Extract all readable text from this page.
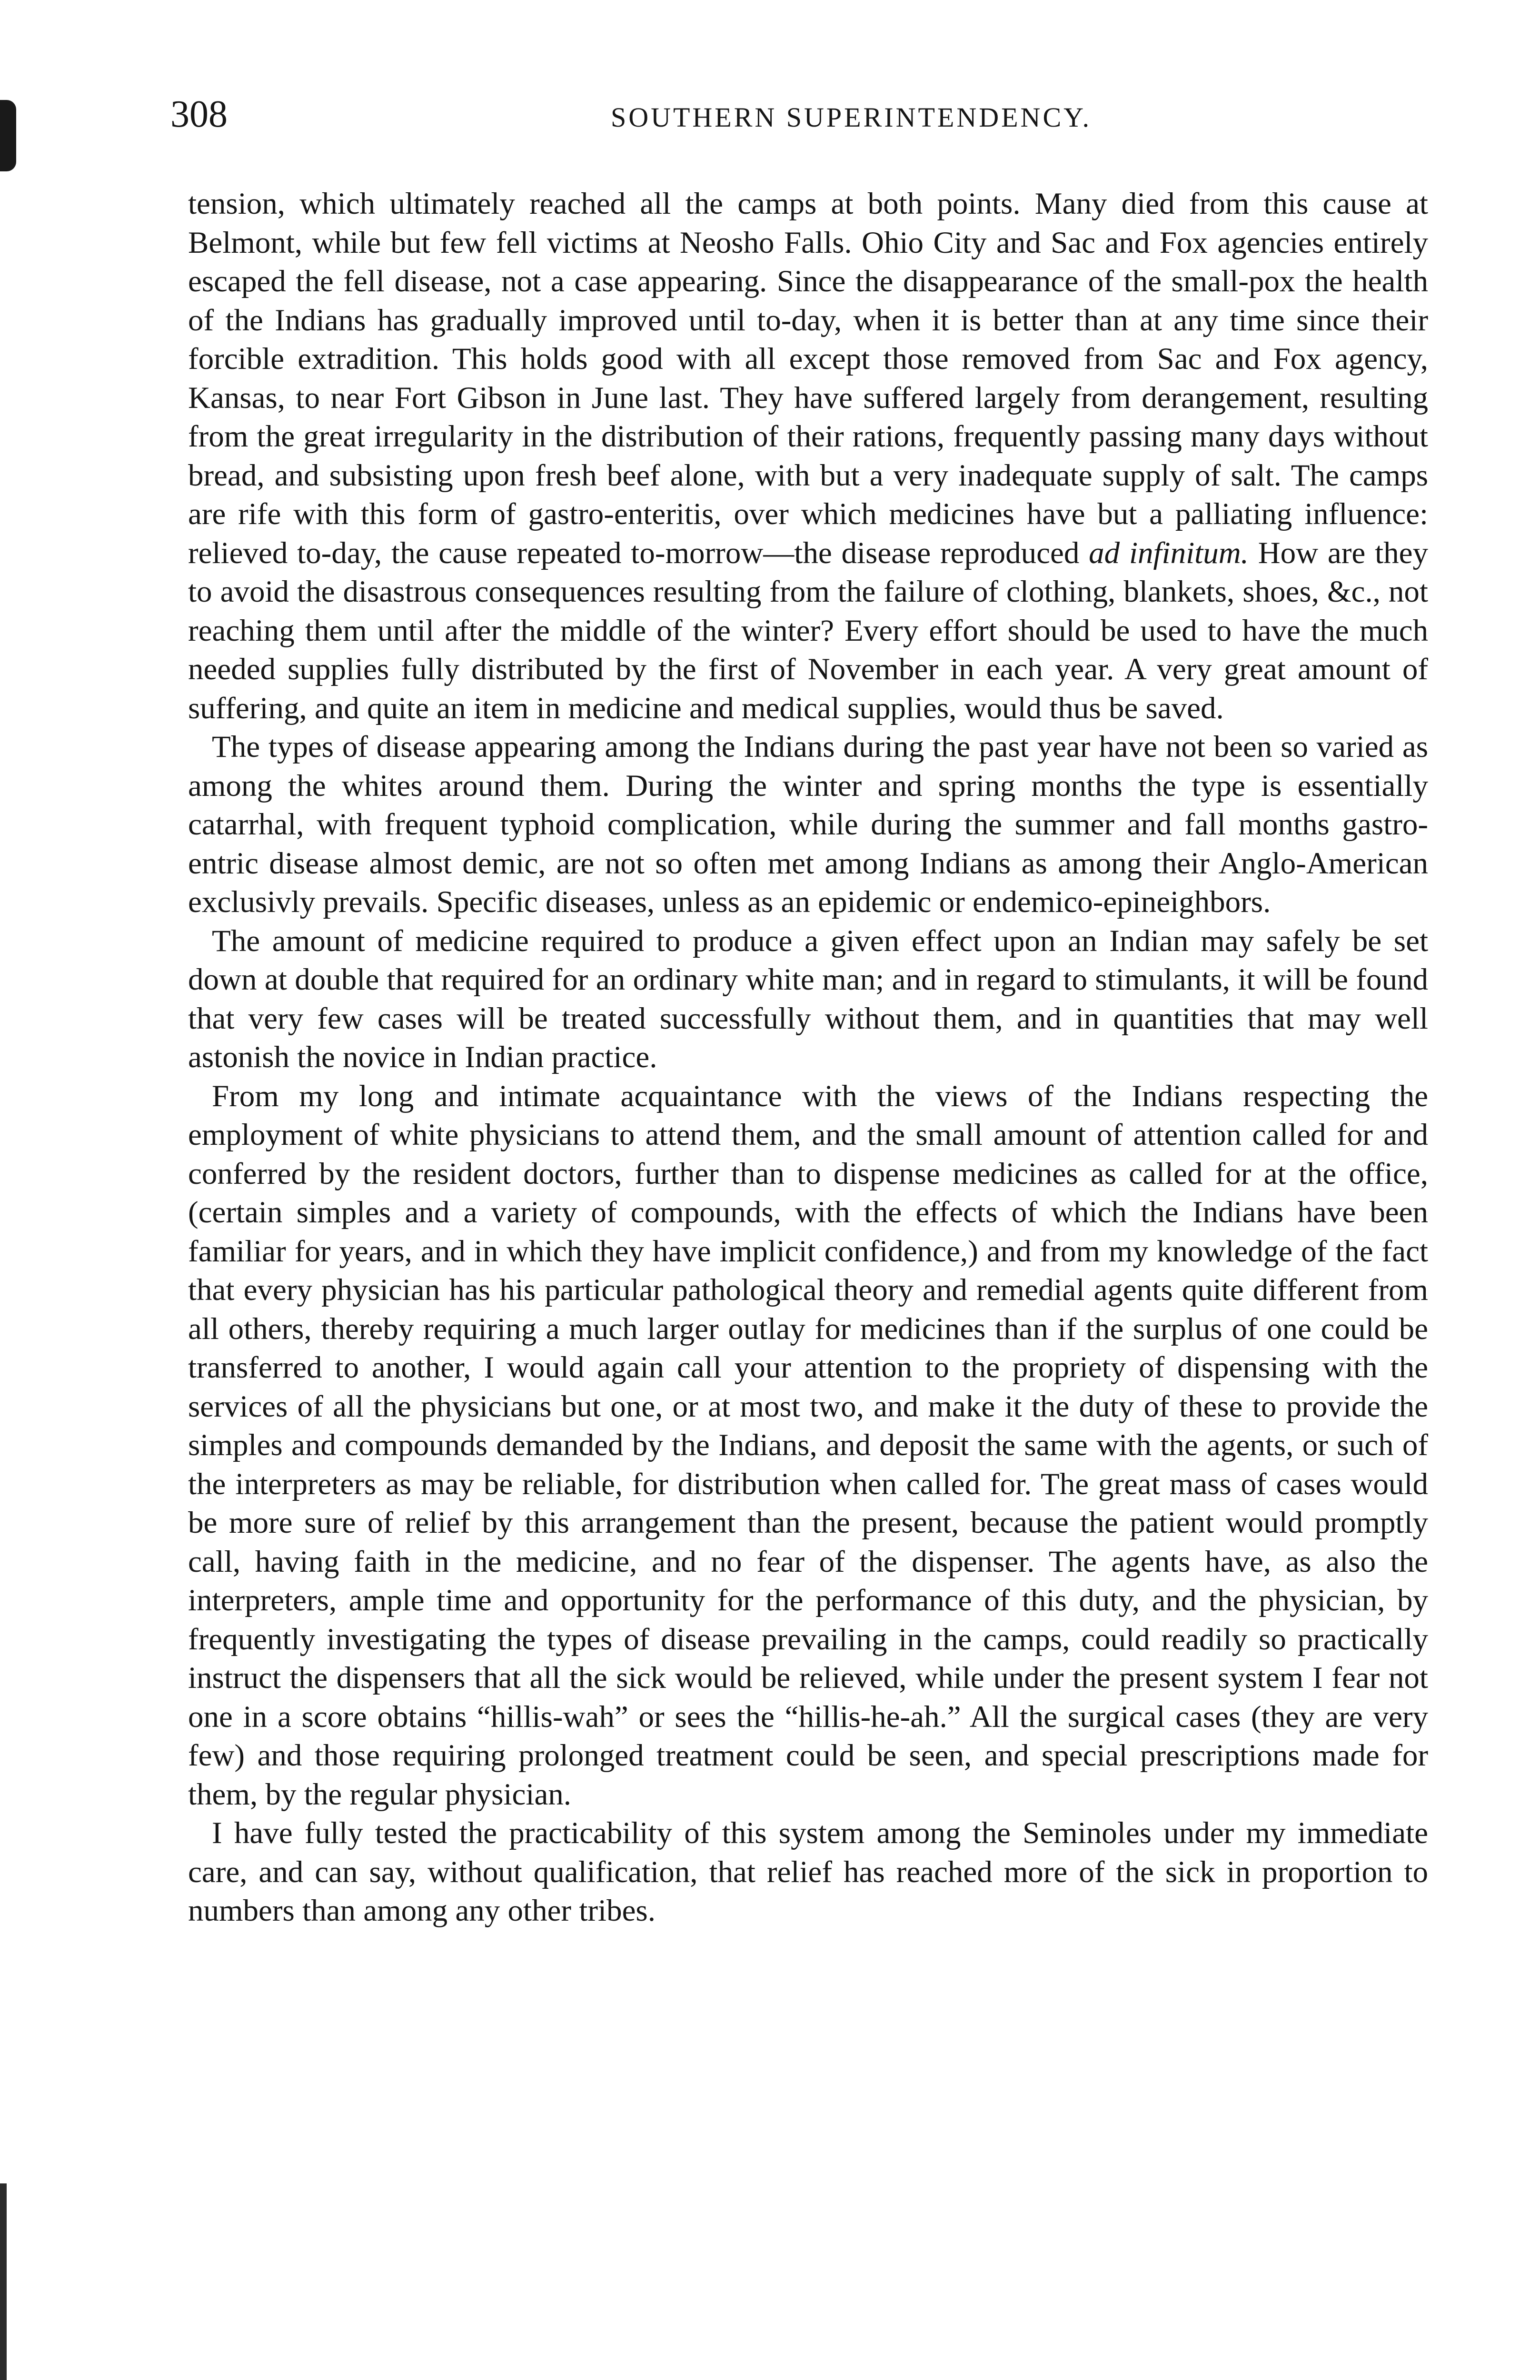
308	SOUTHERN SUPERINTENDENCY.

tension, which ultimately reached all the camps at both points. Many died from this cause at Belmont, while but few fell victims at Neosho Falls. Ohio City and Sac and Fox agencies entirely escaped the fell disease, not a case appearing. Since the disappearance of the small-pox the health of the Indians has gradually improved until to-day, when it is better than at any time since their forcible extradition. This holds good with all except those removed from Sac and Fox agency, Kansas, to near Fort Gibson in June last. They have suffered largely from derangement, resulting from the great irregularity in the distribution of their rations, frequently passing many days without bread, and subsisting upon fresh beef alone, with but a very inadequate supply of salt. The camps are rife with this form of gastro-enteritis, over which medicines have but a palliating influence: relieved to-day, the cause repeated to-morrow—the disease reproduced ad infinitum. How are they to avoid the disastrous consequences resulting from the failure of clothing, blankets, shoes, &c., not reaching them until after the middle of the winter? Every effort should be used to have the much needed supplies fully distributed by the first of November in each year. A very great amount of suffering, and quite an item in medicine and medical supplies, would thus be saved.

The types of disease appearing among the Indians during the past year have not been so varied as among the whites around them. During the winter and spring months the type is essentially catarrhal, with frequent typhoid complication, while during the summer and fall months gastro-entric disease almost demic, are not so often met among Indians as among their Anglo-American exclusivly prevails. Specific diseases, unless as an epidemic or endemico-epineighbors.

The amount of medicine required to produce a given effect upon an Indian may safely be set down at double that required for an ordinary white man; and in regard to stimulants, it will be found that very few cases will be treated successfully without them, and in quantities that may well astonish the novice in Indian practice.

From my long and intimate acquaintance with the views of the Indians respecting the employment of white physicians to attend them, and the small amount of attention called for and conferred by the resident doctors, further than to dispense medicines as called for at the office, (certain simples and a variety of compounds, with the effects of which the Indians have been familiar for years, and in which they have implicit confidence,) and from my knowledge of the fact that every physician has his particular pathological theory and remedial agents quite different from all others, thereby requiring a much larger outlay for medicines than if the surplus of one could be transferred to another, I would again call your attention to the propriety of dispensing with the services of all the physicians but one, or at most two, and make it the duty of these to provide the simples and compounds demanded by the Indians, and deposit the same with the agents, or such of the interpreters as may be reliable, for distribution when called for. The great mass of cases would be more sure of relief by this arrangement than the present, because the patient would promptly call, having faith in the medicine, and no fear of the dispenser. The agents have, as also the interpreters, ample time and opportunity for the performance of this duty, and the physician, by frequently investigating the types of disease prevailing in the camps, could readily so practically instruct the dispensers that all the sick would be relieved, while under the present system I fear not one in a score obtains “hillis-wah” or sees the “hillis-he-ah.” All the surgical cases (they are very few) and those requiring prolonged treatment could be seen, and special prescriptions made for them, by the regular physician.

I have fully tested the practicability of this system among the Seminoles under my immediate care, and can say, without qualification, that relief has reached more of the sick in proportion to numbers than among any other tribes.
